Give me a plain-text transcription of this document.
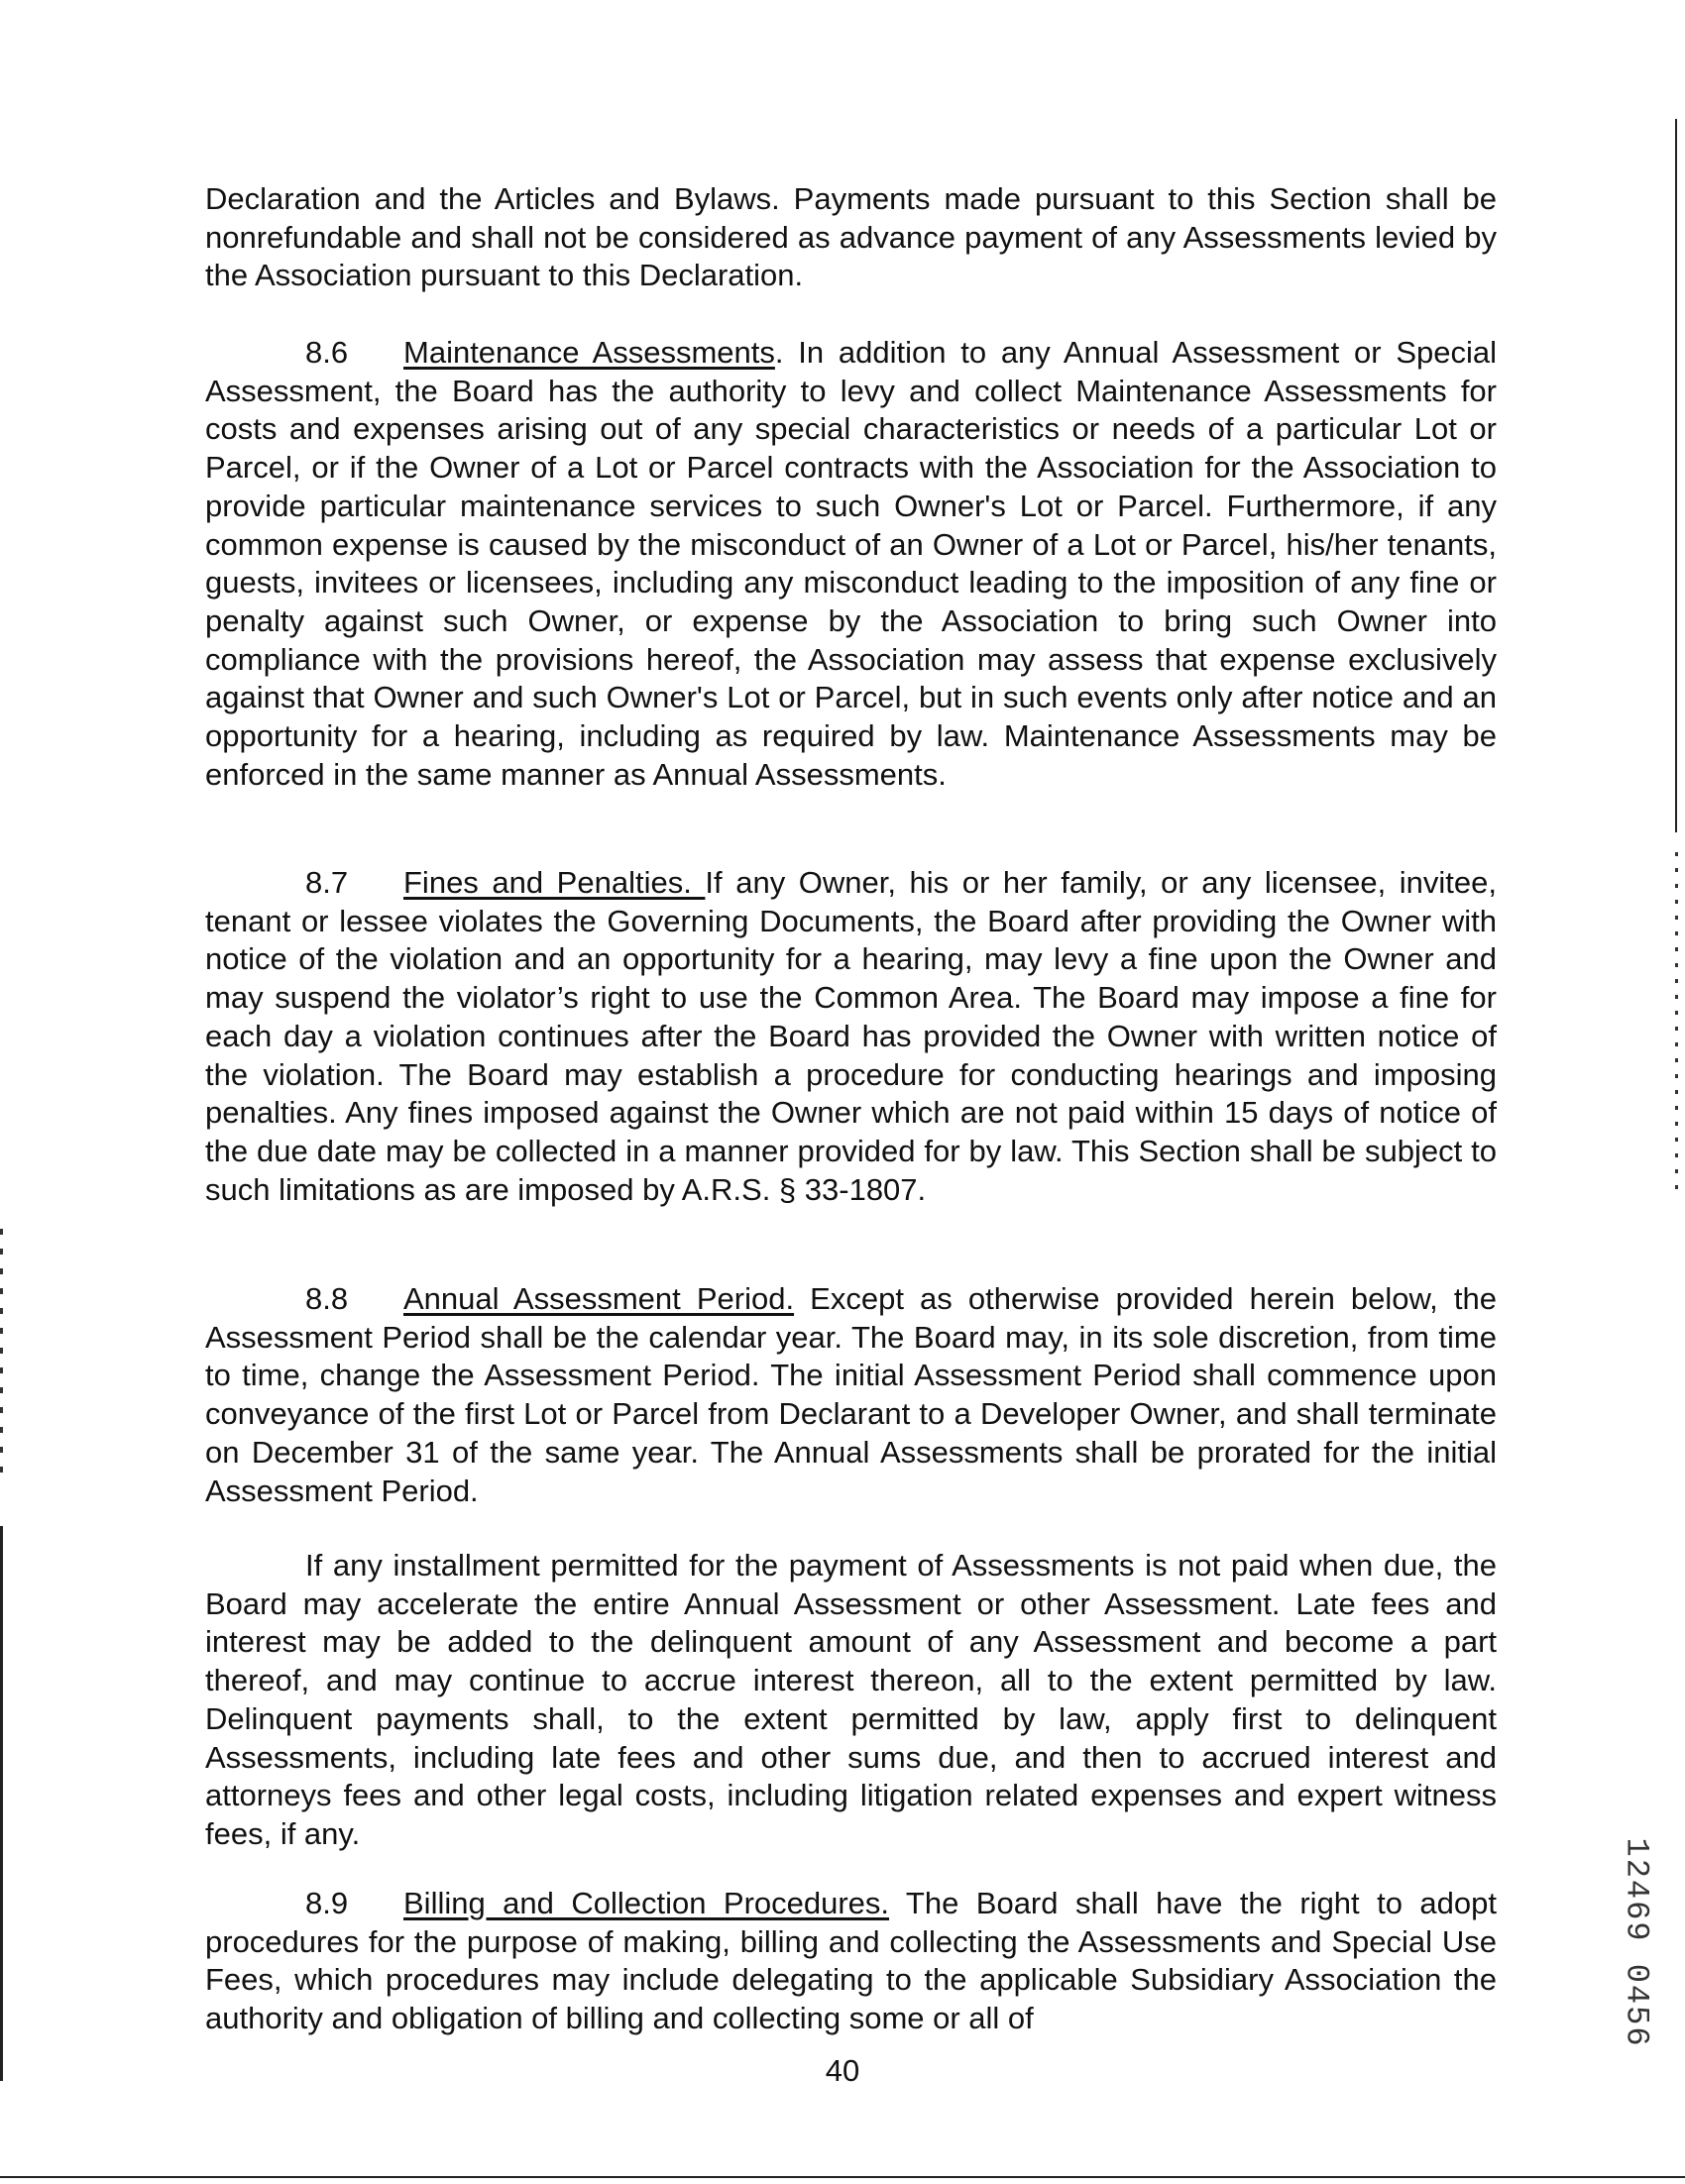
Declaration and the Articles and Bylaws. Payments made pursuant to this Section shall be nonrefundable and shall not be considered as advance payment of any Assessments levied by the Association pursuant to this Declaration.

8.6 Maintenance Assessments. In addition to any Annual Assessment or Special Assessment, the Board has the authority to levy and collect Maintenance Assessments for costs and expenses arising out of any special characteristics or needs of a particular Lot or Parcel, or if the Owner of a Lot or Parcel contracts with the Association for the Association to provide particular maintenance services to such Owner's Lot or Parcel. Furthermore, if any common expense is caused by the misconduct of an Owner of a Lot or Parcel, his/her tenants, guests, invitees or licensees, including any misconduct leading to the imposition of any fine or penalty against such Owner, or expense by the Association to bring such Owner into compliance with the provisions hereof, the Association may assess that expense exclusively against that Owner and such Owner's Lot or Parcel, but in such events only after notice and an opportunity for a hearing, including as required by law. Maintenance Assessments may be enforced in the same manner as Annual Assessments.

8.7 Fines and Penalties. If any Owner, his or her family, or any licensee, invitee, tenant or lessee violates the Governing Documents, the Board after providing the Owner with notice of the violation and an opportunity for a hearing, may levy a fine upon the Owner and may suspend the violator’s right to use the Common Area. The Board may impose a fine for each day a violation continues after the Board has provided the Owner with written notice of the violation. The Board may establish a procedure for conducting hearings and imposing penalties. Any fines imposed against the Owner which are not paid within 15 days of notice of the due date may be collected in a manner provided for by law. This Section shall be subject to such limitations as are imposed by A.R.S. § 33-1807.

8.8 Annual Assessment Period. Except as otherwise provided herein below, the Assessment Period shall be the calendar year. The Board may, in its sole discretion, from time to time, change the Assessment Period. The initial Assessment Period shall commence upon conveyance of the first Lot or Parcel from Declarant to a Developer Owner, and shall terminate on December 31 of the same year. The Annual Assessments shall be prorated for the initial Assessment Period.

If any installment permitted for the payment of Assessments is not paid when due, the Board may accelerate the entire Annual Assessment or other Assessment. Late fees and interest may be added to the delinquent amount of any Assessment and become a part thereof, and may continue to accrue interest thereon, all to the extent permitted by law. Delinquent payments shall, to the extent permitted by law, apply first to delinquent Assessments, including late fees and other sums due, and then to accrued interest and attorneys fees and other legal costs, including litigation related expenses and expert witness fees, if any.

8.9 Billing and Collection Procedures. The Board shall have the right to adopt procedures for the purpose of making, billing and collecting the Assessments and Special Use Fees, which procedures may include delegating to the applicable Subsidiary Association the authority and obligation of billing and collecting some or all of

40
12469 0456
